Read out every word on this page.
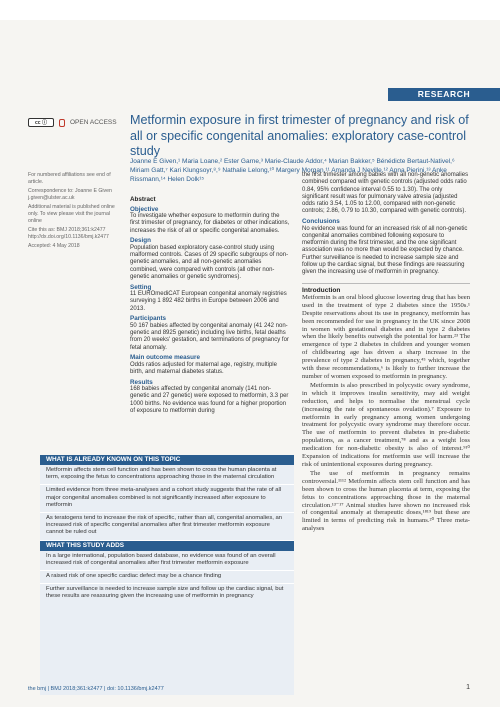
RESEARCH
cc ⓘ	OPEN ACCESS Metformin exposure in first trimester of pregnancy and risk of all or specific congenital anomalies: exploratory case-control study
Joanne E Given,¹ Maria Loane,² Ester Garne,³ Marie-Claude Addor,⁴ Marian Bakker,⁵ Bénédicte Bertaut-Nativel,⁶ Miriam Gatt,⁷ Kari Klungsoyr,⁸,⁹ Nathalie Lelong,¹⁰ Margery Morgan,¹¹ Amanda J Neville,¹² Anna Pierini,¹³ Anke Rissmann,¹⁴ Helen Dolk¹⁵

For numbered affiliations see end of article.

Correspondence to: Joanne E Given j.given@ulster.ac.uk

Additional material is published online only. To view please visit the journal online

Cite this as: BMJ 2018;361:k2477 http://dx.doi.org/10.1136/bmj.k2477

Accepted: 4 May 2018

Abstract
Objective

To investigate whether exposure to metformin during the first trimester of pregnancy, for diabetes or other indications, increases the risk of all or specific congenital anomalies.

Design

Population based exploratory case-control study using malformed controls. Cases of 29 specific subgroups of non-genetic anomalies, and all non-genetic anomalies combined, were compared with controls (all other non-genetic anomalies or genetic syndromes).

Setting

11 EUROmediCAT European congenital anomaly registries surveying 1 892 482 births in Europe between 2006 and 2013.

Participants

50 167 babies affected by congenital anomaly (41 242 non-genetic and 8925 genetic) including live births, fetal deaths from 20 weeks' gestation, and terminations of pregnancy for fetal anomaly.

Main outcome measure

Odds ratios adjusted for maternal age, registry, multiple birth, and maternal diabetes status.

Results

168 babies affected by congenital anomaly (141 non-genetic and 27 genetic) were exposed to metformin, 3.3 per 1000 births. No evidence was found for a higher proportion of exposure to metformin during

the first trimester among babies with all non-genetic anomalies combined compared with genetic controls (adjusted odds ratio 0.84, 95% confidence interval 0.55 to 1.30). The only significant result was for pulmonary valve atresia (adjusted odds ratio 3.54, 1.05 to 12.00, compared with non-genetic controls; 2.86, 0.79 to 10.30, compared with genetic controls).

Conclusions

No evidence was found for an increased risk of all non-genetic congenital anomalies combined following exposure to metformin during the first trimester, and the one significant association was no more than would be expected by chance. Further surveillance is needed to increase sample size and follow up the cardiac signal, but these findings are reassuring given the increasing use of metformin in pregnancy.

Introduction

Metformin is an oral blood glucose lowering drug that has been used in the treatment of type 2 diabetes since the 1950s.¹ Despite reservations about its use in pregnancy, metformin has been recommended for use in pregnancy in the UK since 2008 in women with gestational diabetes and in type 2 diabetes when the likely benefits outweigh the potential for harm.²³ The emergence of type 2 diabetes in children and younger women of childbearing age has driven a sharp increase in the prevalence of type 2 diabetes in pregnancy,⁴⁵ which, together with these recommendations,⁶ is likely to further increase the number of women exposed to metformin in pregnancy.

Metformin is also prescribed in polycystic ovary syndrome, in which it improves insulin sensitivity, may aid weight reduction, and helps to normalise the menstrual cycle (increasing the rate of spontaneous ovulation).⁷ Exposure to metformin in early pregnancy among women undergoing treatment for polycystic ovary syndrome may therefore occur. The use of metformin to prevent diabetes in pre-diabetic populations, as a cancer treatment,⁷⁸ and as a weight loss medication for non-diabetic obesity is also of interest.⁹¹⁰ Expansion of indications for metformin use will increase the risk of unintentional exposures during pregnancy.

The use of metformin in pregnancy remains controversial.¹¹¹² Metformin affects stem cell function and has been shown to cross the human placenta at term, exposing the fetus to concentrations approaching those in the maternal circulation.¹³⁻¹⁷ Animal studies have shown no increased risk of congenital anomaly at therapeutic doses,¹⁸¹⁹ but these are limited in terms of predicting risk in humans.²⁰ Three meta-analyses

WHAT IS ALREADY KNOWN ON THIS TOPIC
Metformin affects stem cell function and has been shown to cross the human placenta at term, exposing the fetus to concentrations approaching those in the maternal circulation
Limited evidence from three meta-analyses and a cohort study suggests that the rate of all major congenital anomalies combined is not significantly increased after exposure to metformin
As teratogens tend to increase the risk of specific, rather than all, congenital anomalies, an increased risk of specific congenital anomalies after first trimester metformin exposure cannot be ruled out
WHAT THIS STUDY ADDS
In a large international, population based database, no evidence was found of an overall increased risk of congenital anomalies after first trimester metformin exposure
A raised risk of one specific cardiac defect may be a chance finding
Further surveillance is needed to increase sample size and follow up the cardiac signal, but these results are reassuring given the increasing use of metformin in pregnancy
the bmj | BMJ 2018;361:k2477 | doi: 10.1136/bmj.k2477	1
